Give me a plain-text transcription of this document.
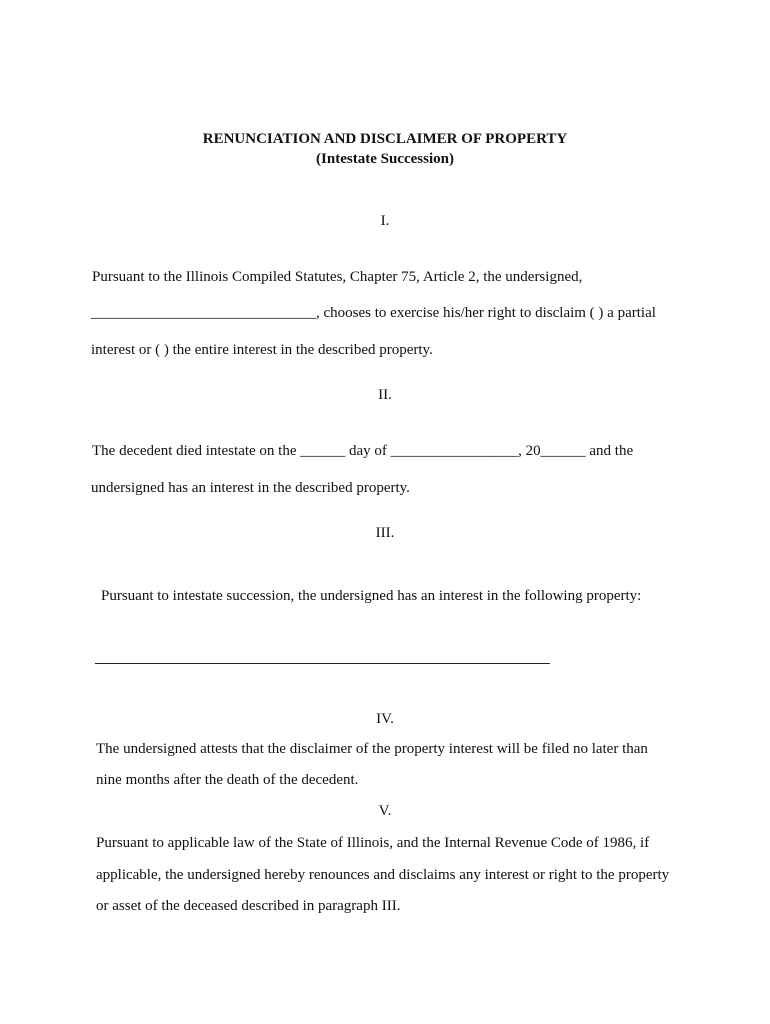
RENUNCIATION AND DISCLAIMER OF PROPERTY
(Intestate Succession)
I.
Pursuant to the Illinois Compiled Statutes, Chapter 75, Article 2, the undersigned,
______________________________, chooses to exercise his/her right to disclaim ( ) a partial
interest or ( ) the entire interest in the described property.
II.
The decedent died intestate on the ______ day of _________________, 20______ and the
undersigned has an interest in the described property.
III.
Pursuant to intestate succession, the undersigned has an interest in the following property:
IV.
The undersigned attests that the disclaimer of the property interest will be filed no later than
nine months after the death of the decedent.
V.
Pursuant to applicable law of the State of Illinois, and the Internal Revenue Code of 1986, if
applicable, the undersigned hereby renounces and disclaims any interest or right to the property
or asset of the deceased described in paragraph III.
